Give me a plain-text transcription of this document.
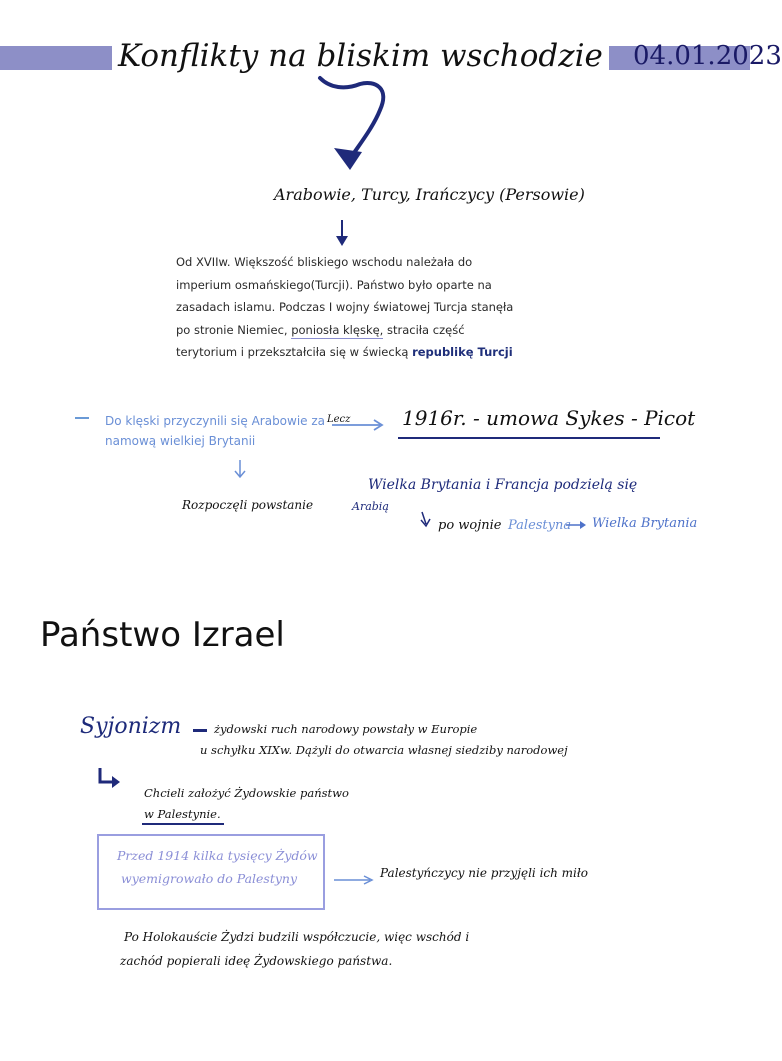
Konflikty na bliskim wschodzie 04.01.2023
Arabowie, Turcy, Irańczycy (Persowie)
Od XVIIw. Większość bliskiego wschodu należała do imperium osmańskiego(Turcji). Państwo było oparte na zasadach islamu. Podczas I wojny światowej Turcja stanęła po stronie Niemiec, poniosła klęskę, straciła część terytorium i przekształciła się w świecką republikę Turcji
Do klęski przyczynili się Arabowie za
namową wielkiej Brytanii
Rozpoczęli powstanie
Lecz	1916r. - umowa Sykes - Picot
Wielka Brytania i Francja podzielą się
Arabią
po wojnie Palestyna Wielka Brytania
Państwo Izrael
Syjonizm	żydowski ruch narodowy powstały w Europie
u schyłku XIXw. Dążyli do otwarcia własnej siedziby narodowej
Chcieli założyć Żydowskie państwo
w Palestynie.
Przed 1914 kilka tysięcy Żydów
wyemigrowało do Palestyny	Palestyńczycy nie przyjęli ich miło
Po Holokauście Żydzi budzili współczucie, więc wschód i
zachód popierali ideę Żydowskiego państwa.
